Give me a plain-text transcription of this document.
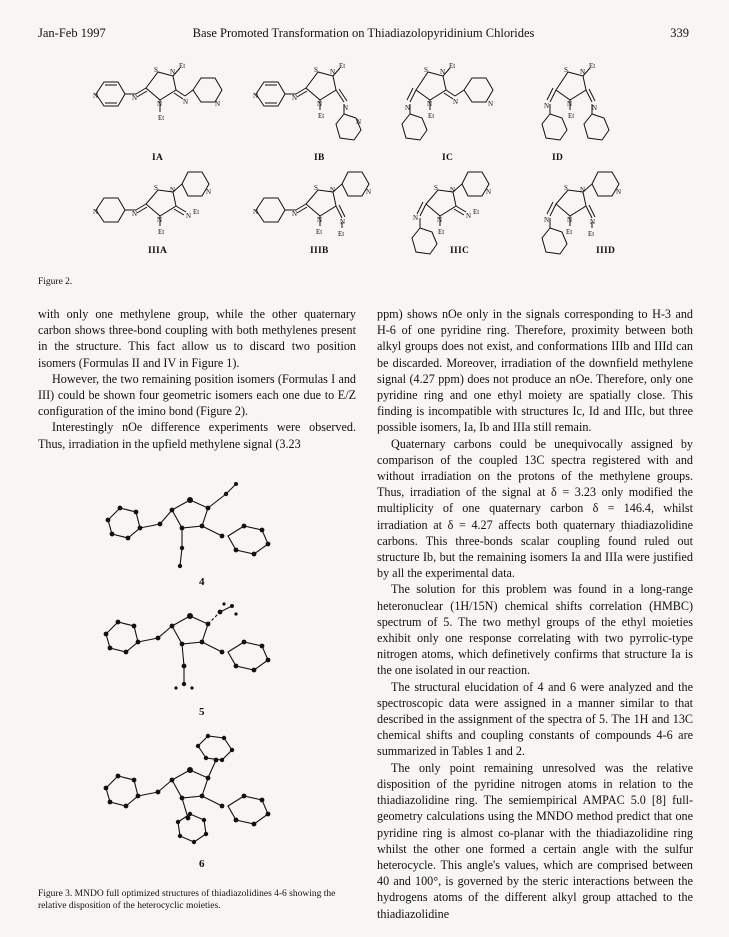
Jan-Feb 1997	Base Promoted Transformation on Thiadiazolopyridinium Chlorides	339
S N
Et
N
Et
N	N	N	N
IA
S N
Et
N
Et
N	N
N
N
IB
S N
Et
N
Et
N
N	N
IC
S N
Et
N
Et
N	N
ID
S N
N
Et
N	N	N Et
N
IIIA
S N
N
Et
N	N
N
Et
N
IIIB
S N
N
Et
N	N Et
N
IIIC
S N
N
Et
N	N
Et
N
IIID
Figure 2.

with only one methylene group, while the other quaternary carbon shows three-bond coupling with both methylenes present in the structure. This fact allow us to discard two position isomers (Formulas II and IV in Figure 1).

However, the two remaining position isomers (Formulas I and III) could be shown four geometric isomers each one due to E/Z configuration of the imino bond (Figure 2).

Interestingly nOe difference experiments were observed. Thus, irradiation in the upfield methylene signal (3.23

4
5
6
Figure 3. MNDO full optimized structures of thiadiazolidines 4-6 showing the relative disposition of the heterocyclic moieties.

ppm) shows nOe only in the signals corresponding to H-3 and H-6 of one pyridine ring. Therefore, proximity between both alkyl groups does not exist, and conformations IIIb and IIId can be discarded. Moreover, irradiation of the downfield methylene signal (4.27 ppm) does not produce an nOe. Therefore, only one pyridine ring and one ethyl moiety are spatially close. This finding is incompatible with structures Ic, Id and IIIc, but three possible isomers, Ia, Ib and IIIa still remain.

Quaternary carbons could be unequivocally assigned by comparison of the coupled 13C spectra registered with and without irradiation on the protons of the methylene groups. Thus, irradiation of the signal at δ = 3.23 only modified the multiplicity of one quaternary carbon δ = 146.4, whilst irradiation at δ = 4.27 affects both quaternary thiadiazolidine carbons. This three-bonds scalar coupling found ruled out structure Ib, but the remaining isomers Ia and IIIa were justified by all the experimental data.

The solution for this problem was found in a long-range heteronuclear (1H/15N) chemical shifts correlation (HMBC) spectrum of 5. The two methyl groups of the ethyl moieties exhibit only one response correlating with two pyrrolic-type nitrogen atoms, which definetively confirms that structure Ia is the one isolated in our reaction.

The structural elucidation of 4 and 6 were analyzed and the spectroscopic data were assigned in a manner similar to that described in the assignment of the spectra of 5. The 1H and 13C chemical shifts and coupling constants of compounds 4-6 are summarized in Tables 1 and 2.

The only point remaining unresolved was the relative disposition of the pyridine nitrogen atoms in relation to the thiadiazolidine ring. The semiempirical AMPAC 5.0 [8] full-geometry calculations using the MNDO method predict that one pyridine ring is almost co-planar with the thiadiazolidine ring whilst the other one formed a certain angle with the sulfur heterocycle. This angle's values, which are comprised between 40 and 100°, is governed by the steric interactions between the hydrogens atoms of the different alkyl group attached to the thiadiazolidine
